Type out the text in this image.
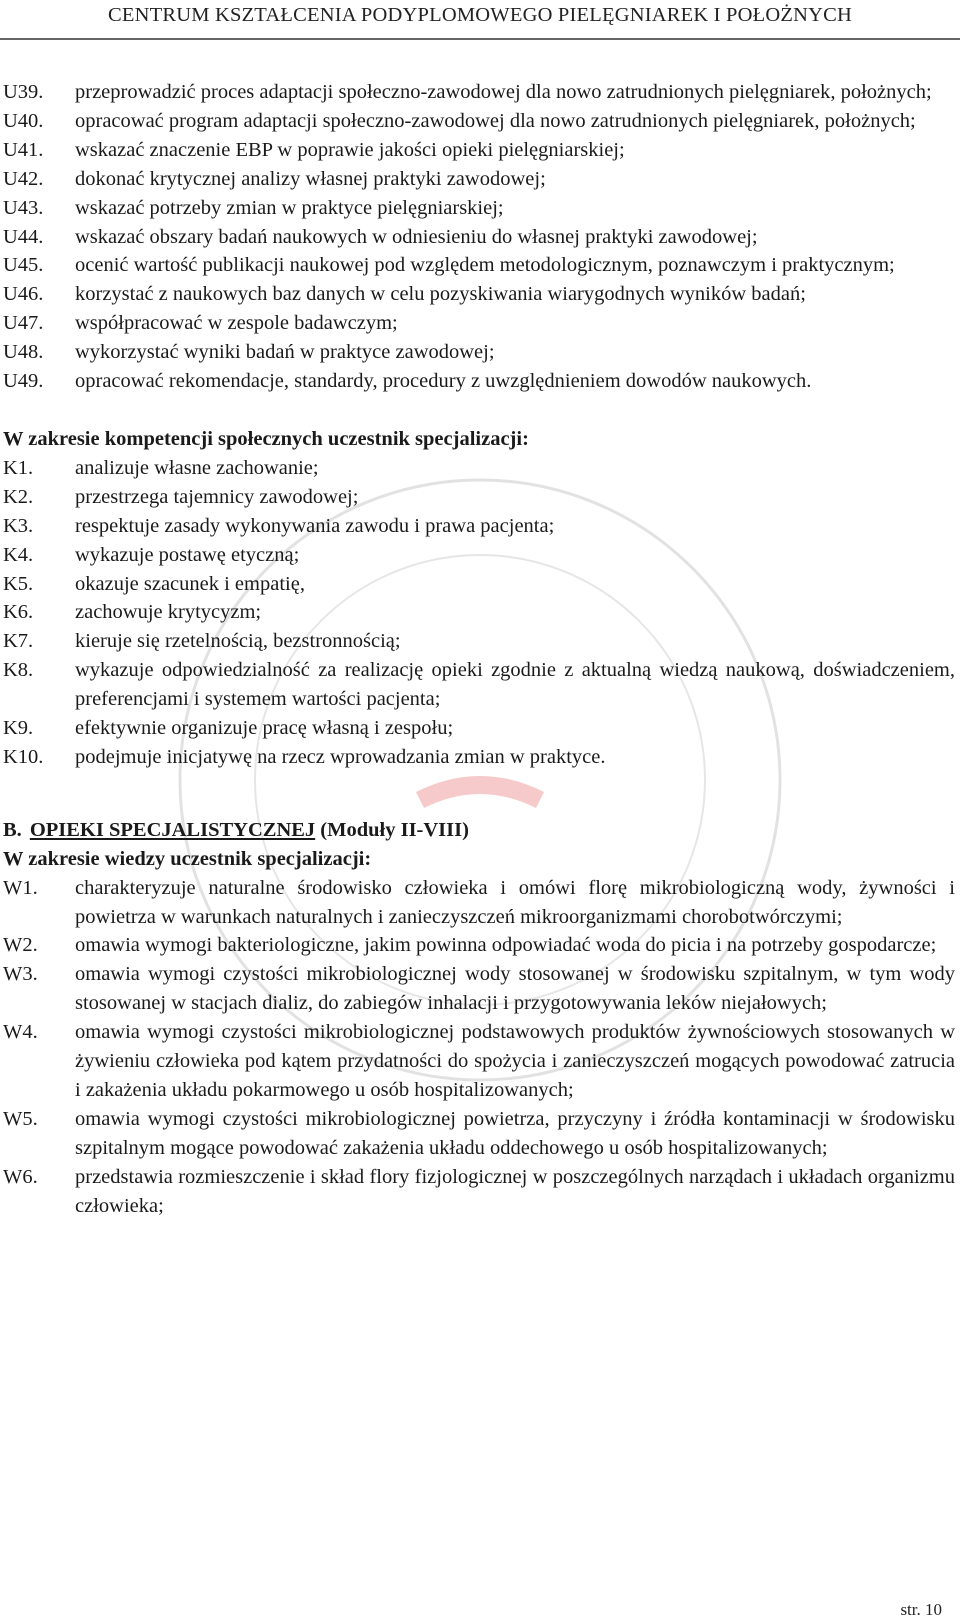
CENTRUM KSZTAŁCENIA PODYPLOMOWEGO PIELĘGNIAREK I POŁOŻNYCH
U39.	przeprowadzić proces adaptacji społeczno-zawodowej dla nowo zatrudnionych pielęgniarek, położnych;
U40.	opracować program adaptacji społeczno-zawodowej dla nowo zatrudnionych pielęgniarek, położnych;
U41.	wskazać znaczenie EBP w poprawie jakości opieki pielęgniarskiej;
U42.	dokonać krytycznej analizy własnej praktyki zawodowej;
U43.	wskazać potrzeby zmian w praktyce pielęgniarskiej;
U44.	wskazać obszary badań naukowych w odniesieniu do własnej praktyki zawodowej;
U45.	ocenić wartość publikacji naukowej pod względem metodologicznym, poznawczym i praktycznym;
U46.	korzystać z naukowych baz danych w celu pozyskiwania wiarygodnych wyników badań;
U47.	współpracować w zespole badawczym;
U48.	wykorzystać wyniki badań w praktyce zawodowej;
U49.	opracować rekomendacje, standardy, procedury z uwzględnieniem dowodów naukowych.
W zakresie kompetencji społecznych uczestnik specjalizacji:
K1.	analizuje własne zachowanie;
K2.	przestrzega tajemnicy zawodowej;
K3.	respektuje zasady wykonywania zawodu i prawa pacjenta;
K4.	wykazuje postawę etyczną;
K5.	okazuje szacunek i empatię,
K6.	zachowuje krytycyzm;
K7.	kieruje się rzetelnością, bezstronnością;
K8.	wykazuje odpowiedzialność za realizację opieki zgodnie z aktualną wiedzą naukową, doświadczeniem, preferencjami i systemem wartości pacjenta;
K9.	efektywnie organizuje pracę własną i zespołu;
K10.	podejmuje inicjatywę na rzecz wprowadzania zmian w praktyce.
B. OPIEKI SPECJALISTYCZNEJ (Moduły II-VIII)
W zakresie wiedzy uczestnik specjalizacji:
W1.	charakteryzuje naturalne środowisko człowieka i omówi florę mikrobiologiczną wody, żywności i powietrza w warunkach naturalnych i zanieczyszczeń mikroorganizmami chorobotwórczymi;
W2.	omawia wymogi bakteriologiczne, jakim powinna odpowiadać woda do picia i na potrzeby gospodarcze;
W3.	omawia wymogi czystości mikrobiologicznej wody stosowanej w środowisku szpitalnym, w tym wody stosowanej w stacjach dializ, do zabiegów inhalacji i przygotowywania leków niejałowych;
W4.	omawia wymogi czystości mikrobiologicznej podstawowych produktów żywnościowych stosowanych w żywieniu człowieka pod kątem przydatności do spożycia i zanieczyszczeń mogących powodować zatrucia i zakażenia układu pokarmowego u osób hospitalizowanych;
W5.	omawia wymogi czystości mikrobiologicznej powietrza, przyczyny i źródła kontaminacji w środowisku szpitalnym mogące powodować zakażenia układu oddechowego u osób hospitalizowanych;
W6.	przedstawia rozmieszczenie i skład flory fizjologicznej w poszczególnych narządach i układach organizmu człowieka;
str. 10
